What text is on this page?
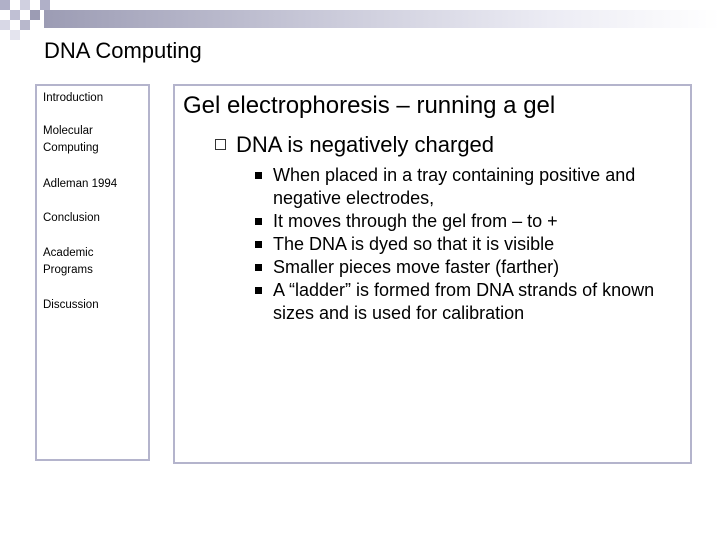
DNA Computing
Introduction
Molecular Computing
Adleman 1994
Conclusion
Academic Programs
Discussion
Gel electrophoresis – running a gel
DNA is negatively charged
When placed in a tray containing positive and negative electrodes,
It moves through the gel from – to +
The DNA is dyed so that it is visible
Smaller pieces move faster (farther)
A “ladder” is formed from DNA strands of known sizes and is used for calibration
